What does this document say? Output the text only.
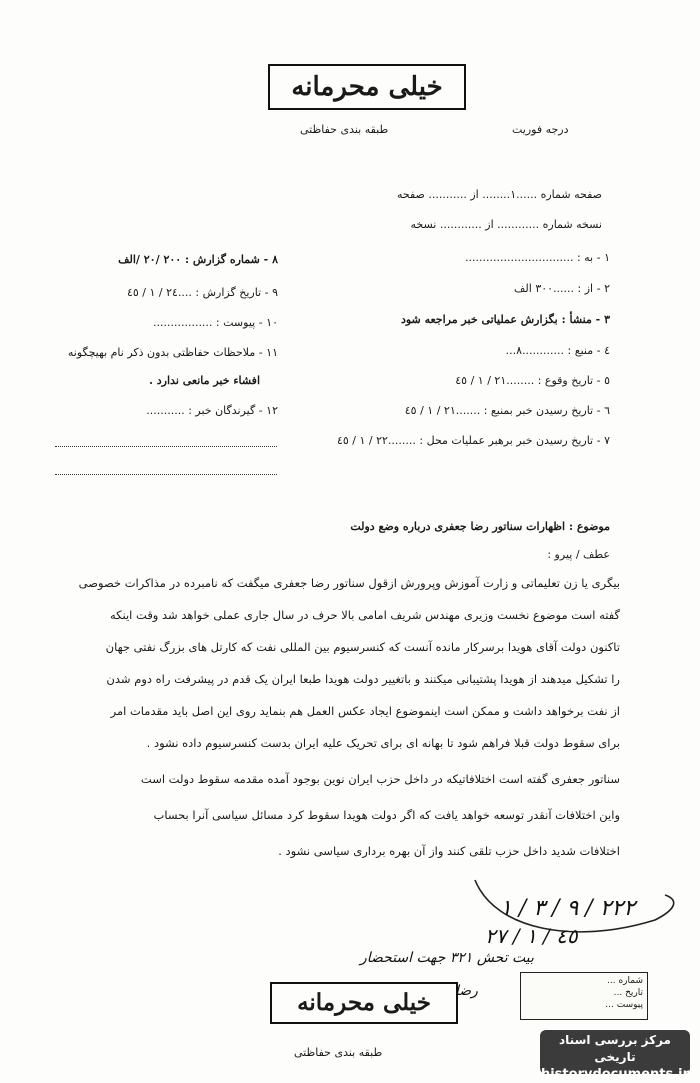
خیلی محرمانه
طبقه بندی حفاظتی	درجه فوریت
صفحه شماره ......١........ از ........... صفحه
نسخه شماره ............ از ............ نسخه
١ - به : ...............................
٢ - از : ......٣٠٠ الف
٣ - منشأ : بگزارش عملیاتی خبر مراجعه شود
٤ - منبع : ............٨...
٥ - تاریخ وقوع : ........٢١ / ١ / ٤٥
٦ - تاریخ رسیدن خبر بمنبع : .......٢١ / ١ / ٤٥
٧ - تاریخ رسیدن خبر برهبر عملیات محل : ........٢٢ / ١ / ٤٥
٨ - شماره گزارش : ٢٠٠ /٢٠ /الف
٩ - تاریخ گزارش : ....٢٤ / ١ / ٤٥
١٠ - پیوست : .................
١١ - ملاحظات حفاظتی بدون ذکر نام بهیچگونه
افشاء خبر مانعی ندارد .
١٢ - گیرندگان خبر : ...........
موضوع : اظهارات سناتور رضا جعفری درباره وضع دولت
عطف / پیرو :
بیگری یا زن تعلیماتی و زارت آموزش وپرورش ازقول سناتور رضا جعفری میگفت که نامبرده در مذاکرات خصوصی
گفته است موضوع نخست وزیری مهندس شریف امامی بالا حرف در سال جاری عملی خواهد شد وقت اینکه
تاکنون دولت آقای هویدا برسرکار مانده آنست که کنسرسیوم بین المللی نفت که کارتل های بزرگ نفتی جهان
را تشکیل میدهند از هویدا پشتیبانی میکنند و باتغییر دولت هویدا طبعا ایران یک قدم در پیشرفت راه دوم شدن
از نفت برخواهد داشت و ممکن است اینموضوع ایجاد عکس العمل هم بنماید روی این اصل باید مقدمات امر
برای سقوط دولت قبلا فراهم شود تا بهانه ای برای تحریک علیه ایران بدست کنسرسیوم داده نشود .
سناتور جعفری گفته است اختلافاتیکه در داخل حزب ایران نوین بوجود آمده مقدمه سقوط دولت است
واین اختلافات آنقدر توسعه خواهد یافت که اگر دولت هویدا سقوط کرد مسائل سیاسی آنرا بحساب
اختلافات شدید داخل حزب تلقی کنند واز آن بهره برداری سیاسی نشود .
٢٢٢ / ٩ / ٣ / ١
٤٥ / ١ / ٢٧
بیت تحش ٣٢١ جهت استحضار
رضا
خیلی محرمانه
طبقه بندی حفاظتی
شماره ...
تاریخ ...
پیوست ...
مرکز بررسی اسناد تاریخی
historydocuments.ir
